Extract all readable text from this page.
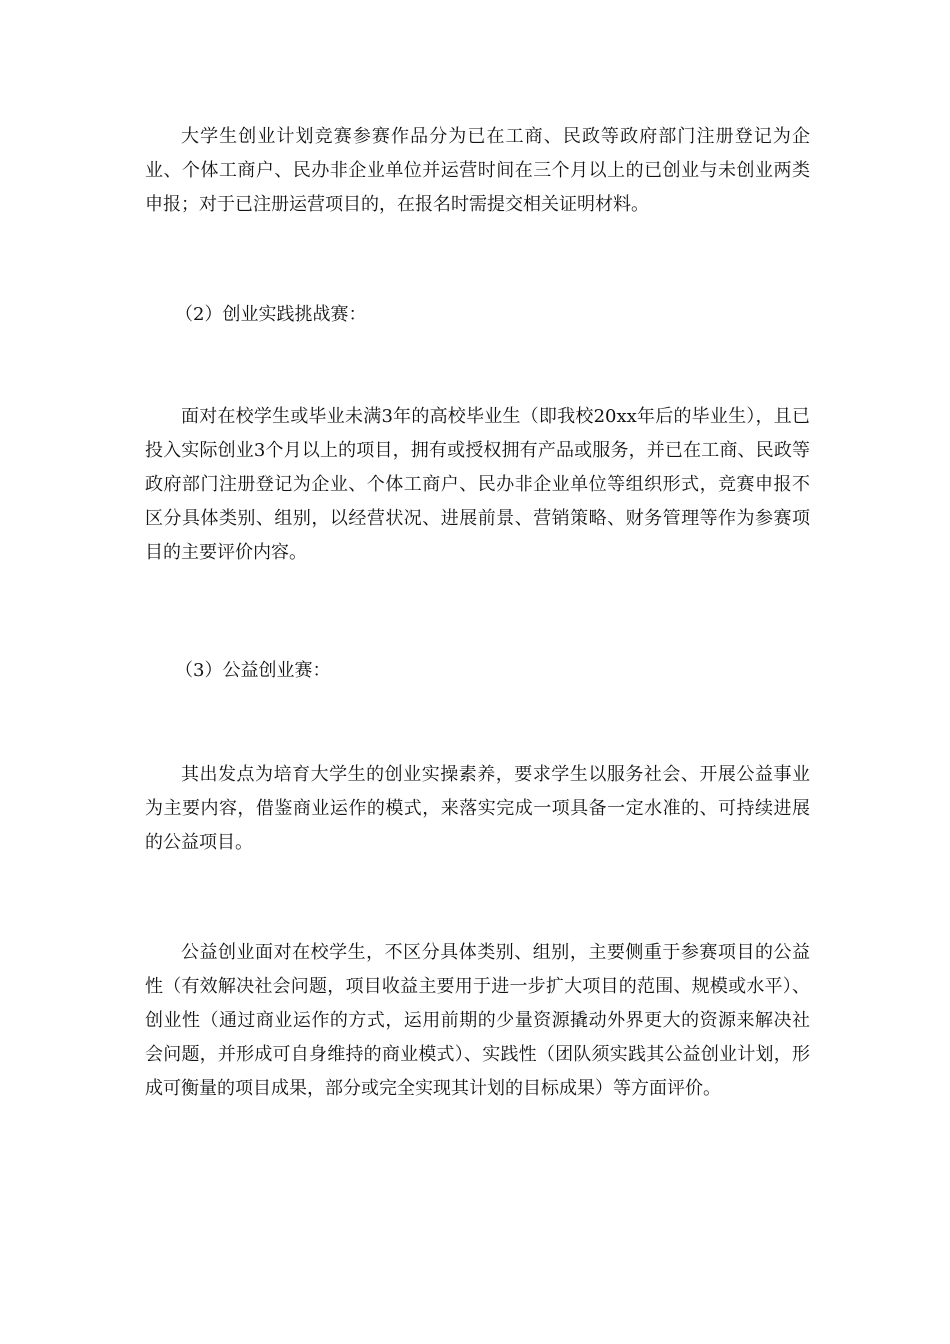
大学生创业计划竞赛参赛作品分为已在工商、民政等政府部门注册登记为企业、个体工商户、民办非企业单位并运营时间在三个月以上的已创业与未创业两类申报；对于已注册运营项目的，在报名时需提交相关证明材料。

（2）创业实践挑战赛：

面对在校学生或毕业未满3年的高校毕业生（即我校20xx年后的毕业生），且已投入实际创业3个月以上的项目，拥有或授权拥有产品或服务，并已在工商、民政等政府部门注册登记为企业、个体工商户、民办非企业单位等组织形式，竞赛申报不区分具体类别、组别，以经营状况、进展前景、营销策略、财务管理等作为参赛项目的主要评价内容。

（3）公益创业赛：

其出发点为培育大学生的创业实操素养，要求学生以服务社会、开展公益事业为主要内容，借鉴商业运作的模式，来落实完成一项具备一定水准的、可持续进展的公益项目。

公益创业面对在校学生，不区分具体类别、组别，主要侧重于参赛项目的公益性（有效解决社会问题，项目收益主要用于进一步扩大项目的范围、规模或水平）、创业性（通过商业运作的方式，运用前期的少量资源撬动外界更大的资源来解决社会问题，并形成可自身维持的商业模式）、实践性（团队须实践其公益创业计划，形成可衡量的项目成果，部分或完全实现其计划的目标成果）等方面评价。
